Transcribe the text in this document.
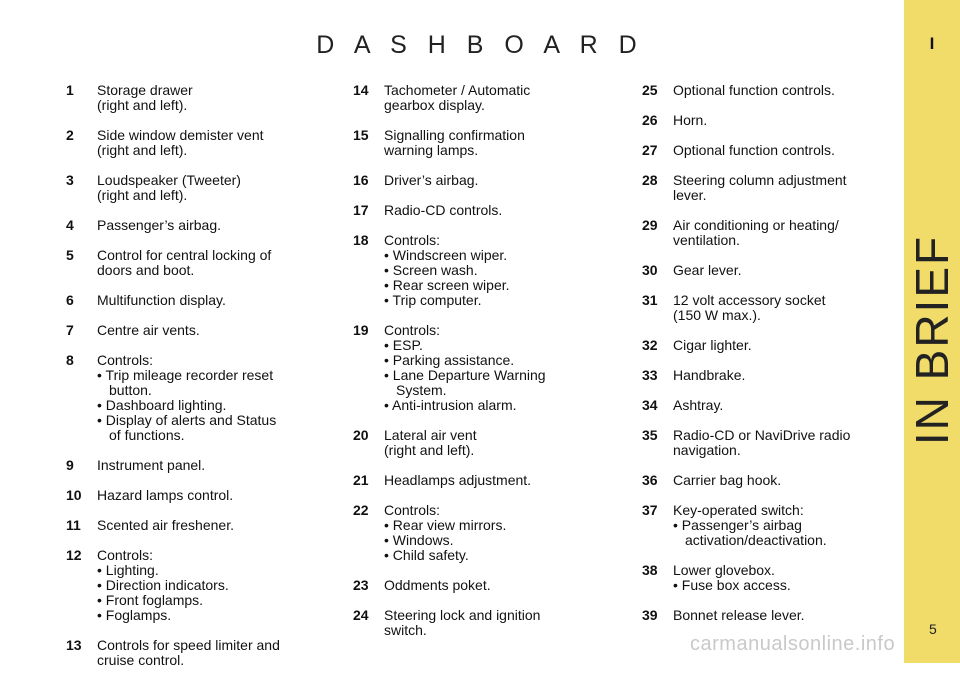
D A S H B O A R D
1	Storage drawer
(right and left).
2	Side window demister vent
(right and left).
3	Loudspeaker (Tweeter)
(right and left).
4	Passenger’s airbag.
5	Control for central locking of
doors and boot.
6	Multifunction display.
7	Centre air vents.
8	Controls:
• Trip mileage recorder reset
button.
• Dashboard lighting.
• Display of alerts and Status
of functions.
9	Instrument panel.
10	Hazard lamps control.
11	Scented air freshener.
12	Controls:
• Lighting.
• Direction indicators.
• Front foglamps.
• Foglamps.
13	Controls for speed limiter and
cruise control.
14	Tachometer / Automatic
gearbox display.
15	Signalling confirmation
warning lamps.
16	Driver’s airbag.
17	Radio-CD controls.
18	Controls:
• Windscreen wiper.
• Screen wash.
• Rear screen wiper.
• Trip computer.
19	Controls:
• ESP.
• Parking assistance.
• Lane Departure Warning
System.
• Anti-intrusion alarm.
20	Lateral air vent
(right and left).
21	Headlamps adjustment.
22	Controls:
• Rear view mirrors.
• Windows.
• Child safety.
23	Oddments poket.
24	Steering lock and ignition
switch.
25	Optional function controls.
26	Horn.
27	Optional function controls.
28	Steering column adjustment
lever.
29	Air conditioning or heating/
ventilation.
30	Gear lever.
31	12 volt accessory socket
(150 W max.).
32	Cigar lighter.
33	Handbrake.
34	Ashtray.
35	Radio-CD or NaviDrive radio
navigation.
36	Carrier bag hook.
37	Key-operated switch:
• Passenger’s airbag
activation/deactivation.
38	Lower glovebox.
• Fuse box access.
39	Bonnet release lever.
I
IN BRIEF
5
carmanualsonline.info
